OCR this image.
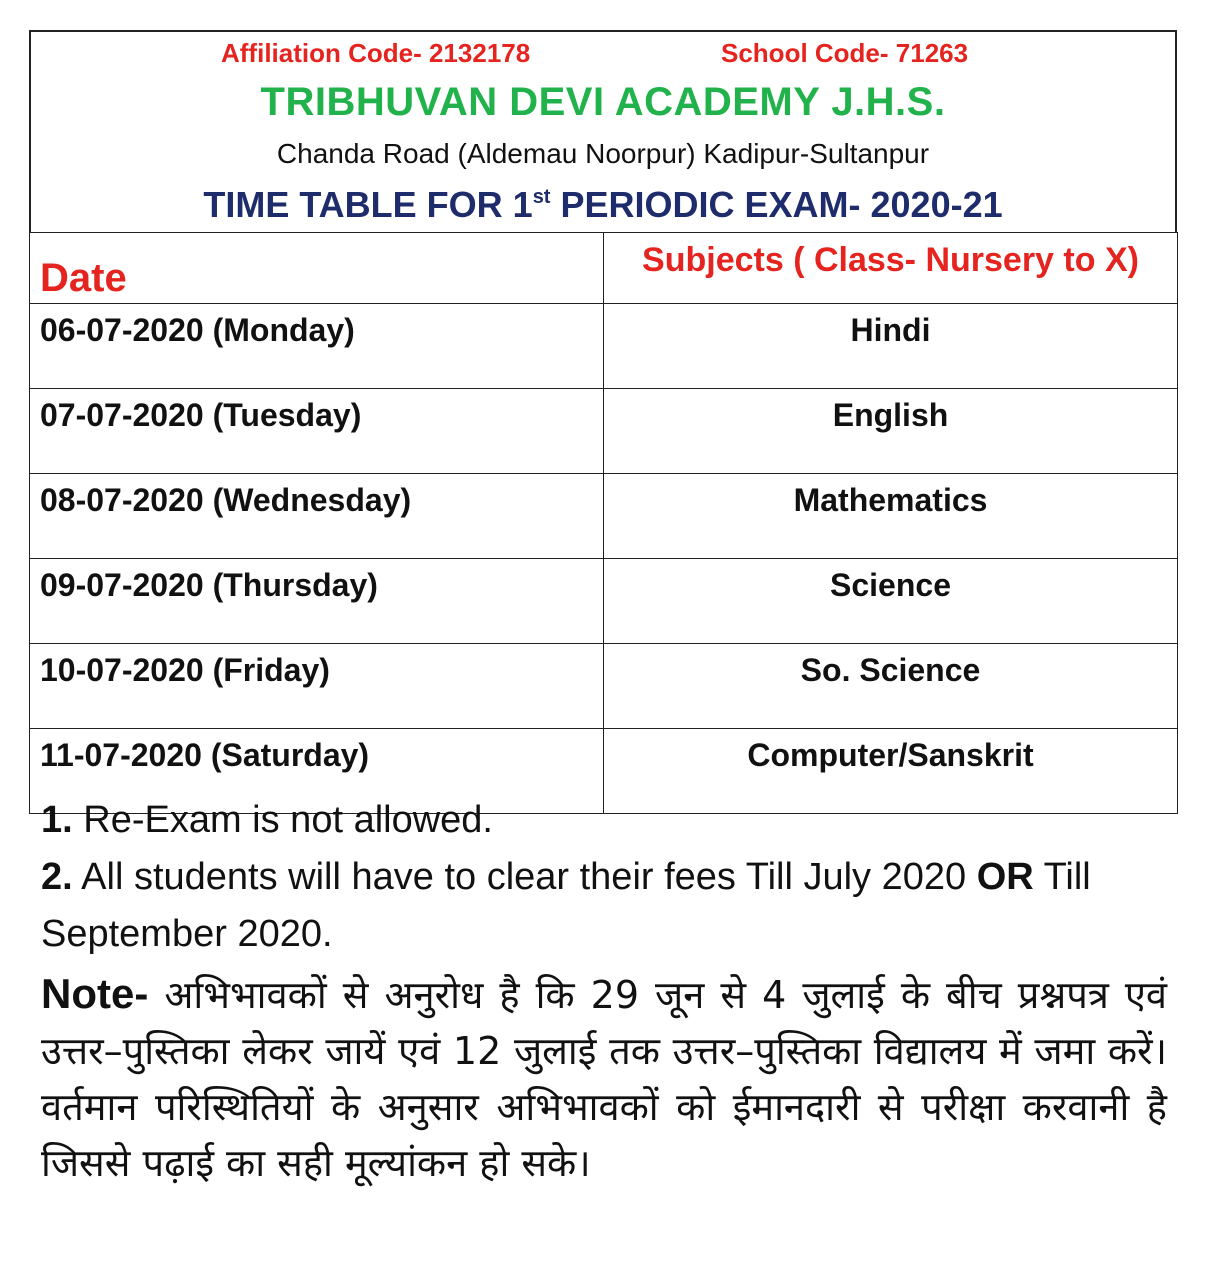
Affiliation Code- 2132178	School Code- 71263
TRIBHUVAN DEVI ACADEMY J.H.S.
Chanda Road (Aldemau Noorpur) Kadipur-Sultanpur
TIME TABLE FOR 1st PERIODIC EXAM- 2020-21
Date	Subjects ( Class- Nursery to X)
06-07-2020 (Monday)	Hindi
07-07-2020 (Tuesday)	English
08-07-2020 (Wednesday)	Mathematics
09-07-2020 (Thursday)	Science
10-07-2020 (Friday)	So. Science
11-07-2020 (Saturday)	Computer/Sanskrit

1. Re-Exam is not allowed.

2. All students will have to clear their fees Till July 2020 OR Till September 2020.

Note- अभिभावकों से अनुरोध है कि 29 जून से 4 जुलाई के बीच प्रश्नपत्र एवं उत्तर–पुस्तिका लेकर जायें एवं 12 जुलाई तक उत्तर–पुस्तिका विद्यालय में जमा करें। वर्तमान परिस्थितियों के अनुसार अभिभावकों को ईमानदारी से परीक्षा करवानी है जिससे पढ़ाई का सही मूल्यांकन हो सके।
